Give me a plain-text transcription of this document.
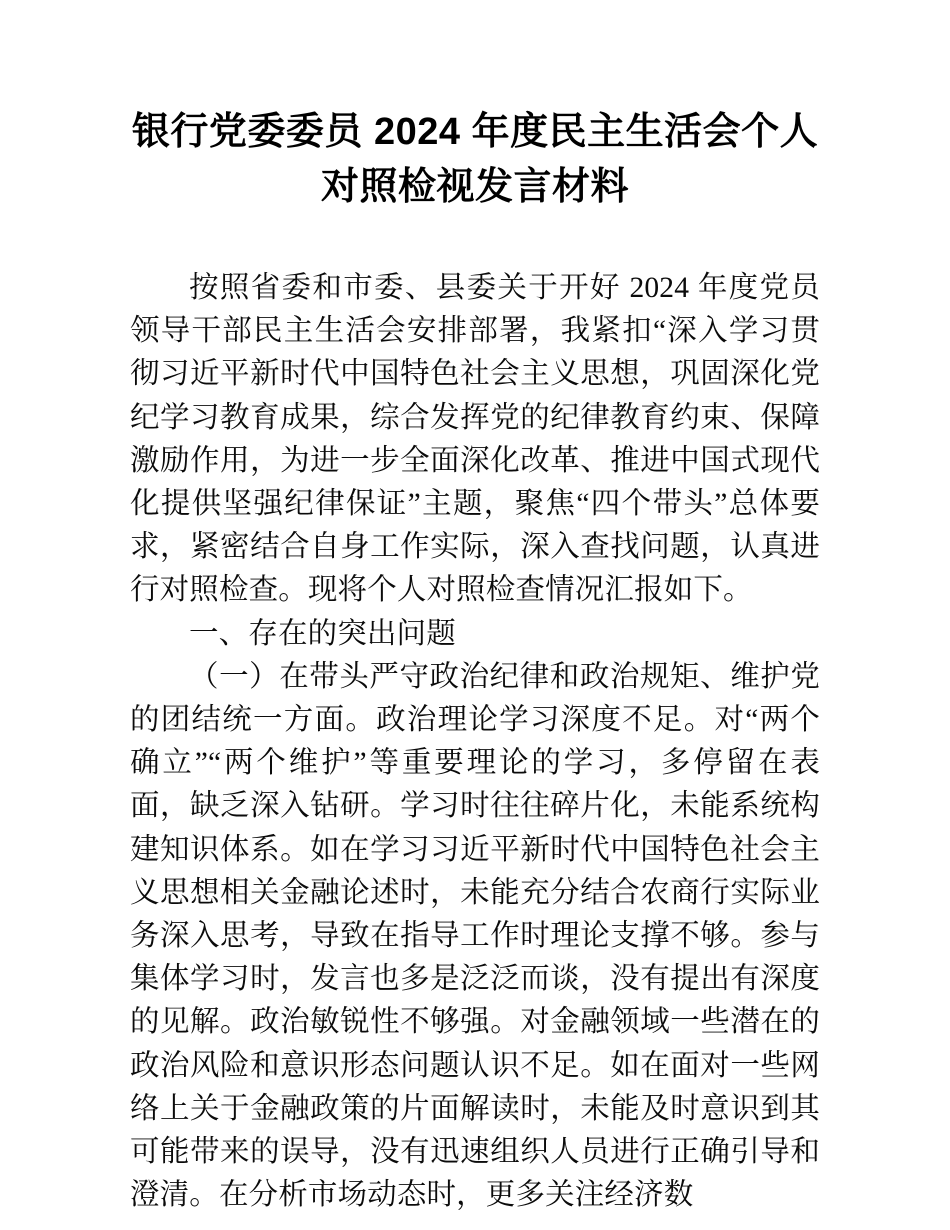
银行党委委员 2024 年度民主生活会个人对照检视发言材料

按照省委和市委、县委关于开好 2024 年度党员领导干部民主生活会安排部署，我紧扣“深入学习贯彻习近平新时代中国特色社会主义思想，巩固深化党纪学习教育成果，综合发挥党的纪律教育约束、保障激励作用，为进一步全面深化改革、推进中国式现代化提供坚强纪律保证”主题，聚焦“四个带头”总体要求，紧密结合自身工作实际，深入查找问题，认真进行对照检查。现将个人对照检查情况汇报如下。

一、存在的突出问题

（一）在带头严守政治纪律和政治规矩、维护党的团结统一方面。政治理论学习深度不足。对“两个确立”“两个维护”等重要理论的学习，多停留在表面，缺乏深入钻研。学习时往往碎片化，未能系统构建知识体系。如在学习习近平新时代中国特色社会主义思想相关金融论述时，未能充分结合农商行实际业务深入思考，导致在指导工作时理论支撑不够。参与集体学习时，发言也多是泛泛而谈，没有提出有深度的见解。政治敏锐性不够强。对金融领域一些潜在的政治风险和意识形态问题认识不足。如在面对一些网络上关于金融政策的片面解读时，未能及时意识到其可能带来的误导，没有迅速组织人员进行正确引导和澄清。在分析市场动态时，更多关注经济数
